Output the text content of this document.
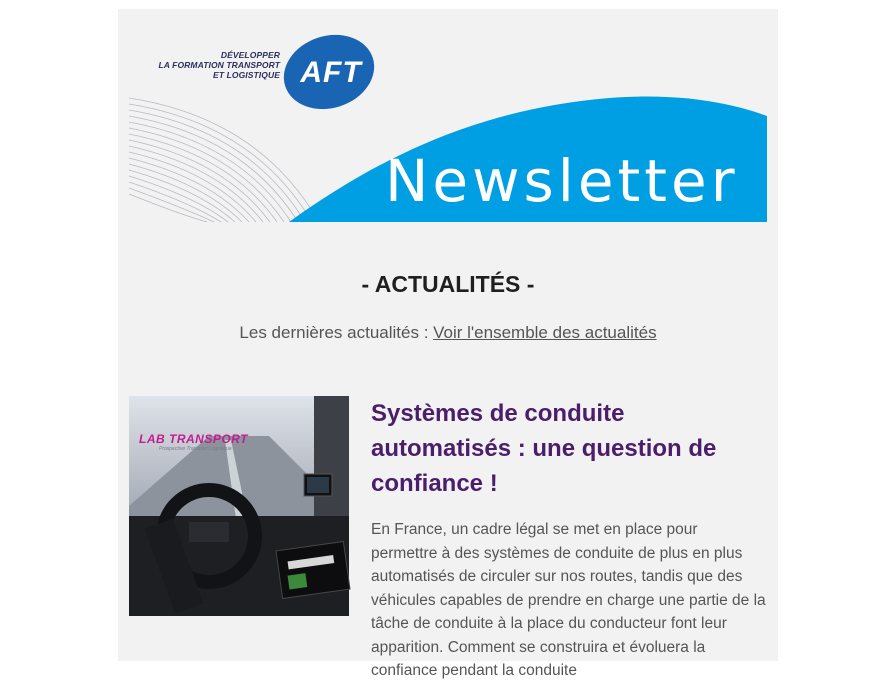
DÉVELOPPER
LA FORMATION TRANSPORT
ET LOGISTIQUE AFT
Newsletter
- ACTUALITÉS -
Les dernières actualités : Voir l'ensemble des actualités
LAB TRANSPORT
Prospective Transport Logistique
Systèmes de conduite automatisés : une question de confiance !

En France, un cadre légal se met en place pour permettre à des systèmes de conduite de plus en plus automatisés de circuler sur nos routes, tandis que des véhicules capables de prendre en charge une partie de la tâche de conduite à la place du conducteur font leur apparition. Comment se construira et évoluera la confiance pendant la conduite
